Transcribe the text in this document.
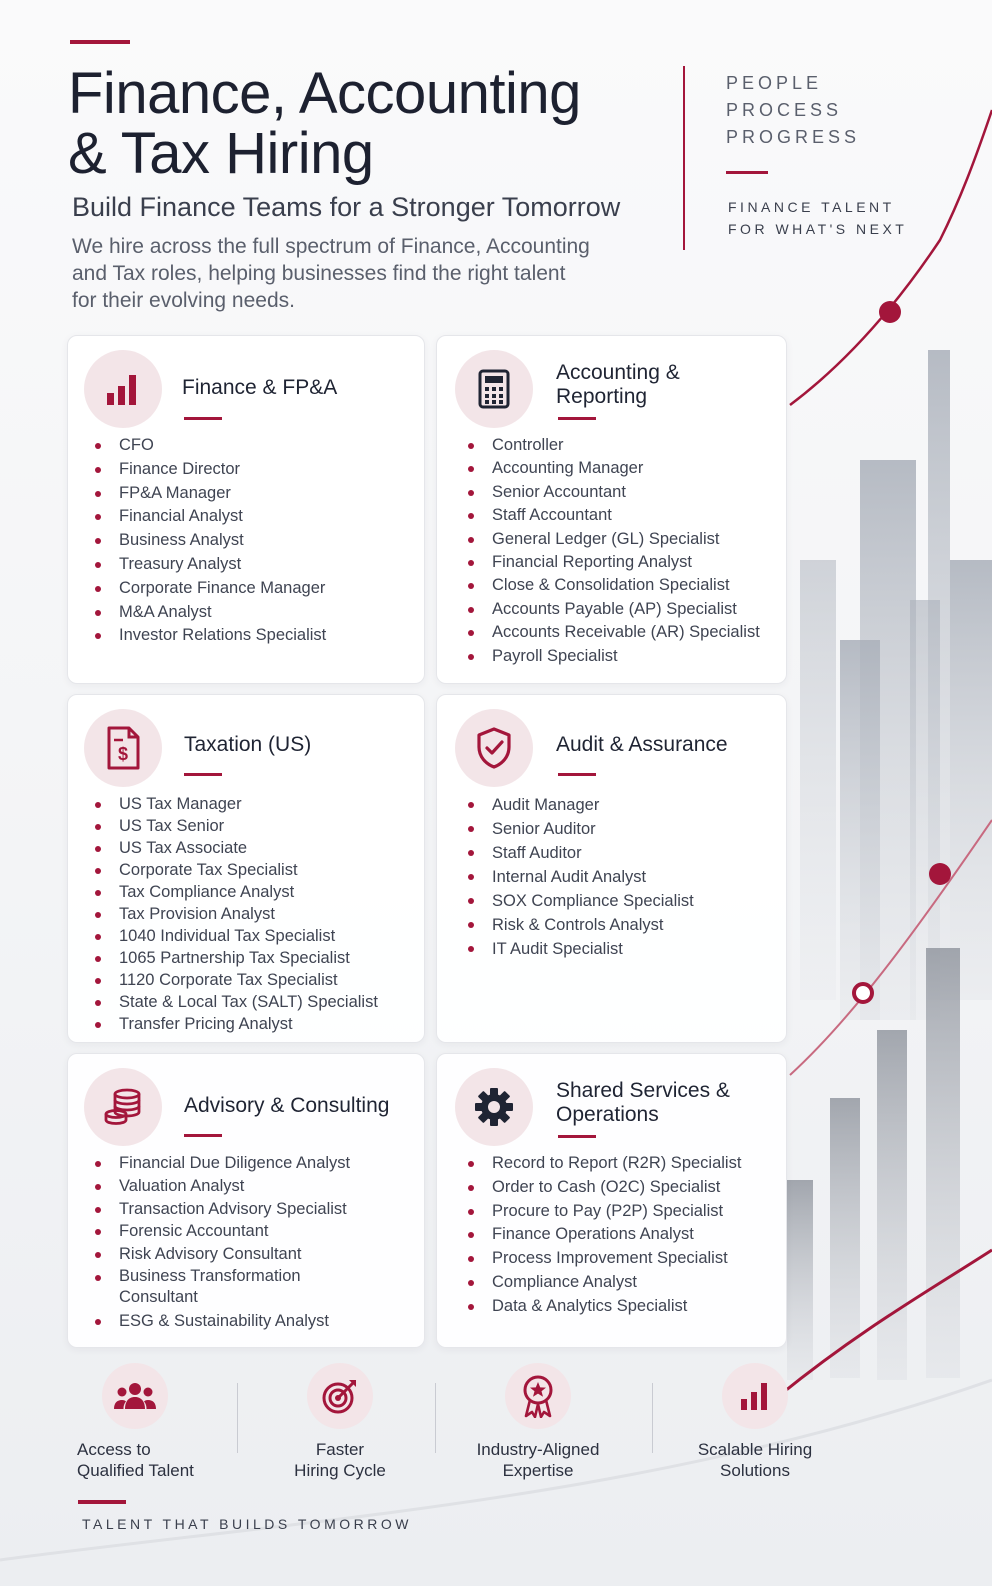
Finance, Accounting
& Tax Hiring
Build Finance Teams for a Stronger Tomorrow
We hire across the full spectrum of Finance, Accounting
and Tax roles, helping businesses find the right talent
for their evolving needs.
PEOPLE
PROCESS
PROGRESS
FINANCE TALENT
FOR WHAT'S NEXT
Finance & FP&A
CFO
Finance Director
FP&A Manager
Financial Analyst
Business Analyst
Treasury Analyst
Corporate Finance Manager
M&A Analyst
Investor Relations Specialist
Accounting &
Reporting
Controller
Accounting Manager
Senior Accountant
Staff Accountant
General Ledger (GL) Specialist
Financial Reporting Analyst
Close & Consolidation Specialist
Accounts Payable (AP) Specialist
Accounts Receivable (AR) Specialist
Payroll Specialist
$	Taxation (US)
US Tax Manager
US Tax Senior
US Tax Associate
Corporate Tax Specialist
Tax Compliance Analyst
Tax Provision Analyst
1040 Individual Tax Specialist
1065 Partnership Tax Specialist
1120 Corporate Tax Specialist
State & Local Tax (SALT) Specialist
Transfer Pricing Analyst
Audit & Assurance
Audit Manager
Senior Auditor
Staff Auditor
Internal Audit Analyst
SOX Compliance Specialist
Risk & Controls Analyst
IT Audit Specialist
Advisory & Consulting
Financial Due Diligence Analyst
Valuation Analyst
Transaction Advisory Specialist
Forensic Accountant
Risk Advisory Consultant
Business Transformation Consultant
ESG & Sustainability Analyst
Shared Services &
Operations
Record to Report (R2R) Specialist
Order to Cash (O2C) Specialist
Procure to Pay (P2P) Specialist
Finance Operations Analyst
Process Improvement Specialist
Compliance Analyst
Data & Analytics Specialist
Access to
Qualified Talent
Faster
Hiring Cycle
Industry-Aligned
Expertise
Scalable Hiring
Solutions
TALENT THAT BUILDS TOMORROW
